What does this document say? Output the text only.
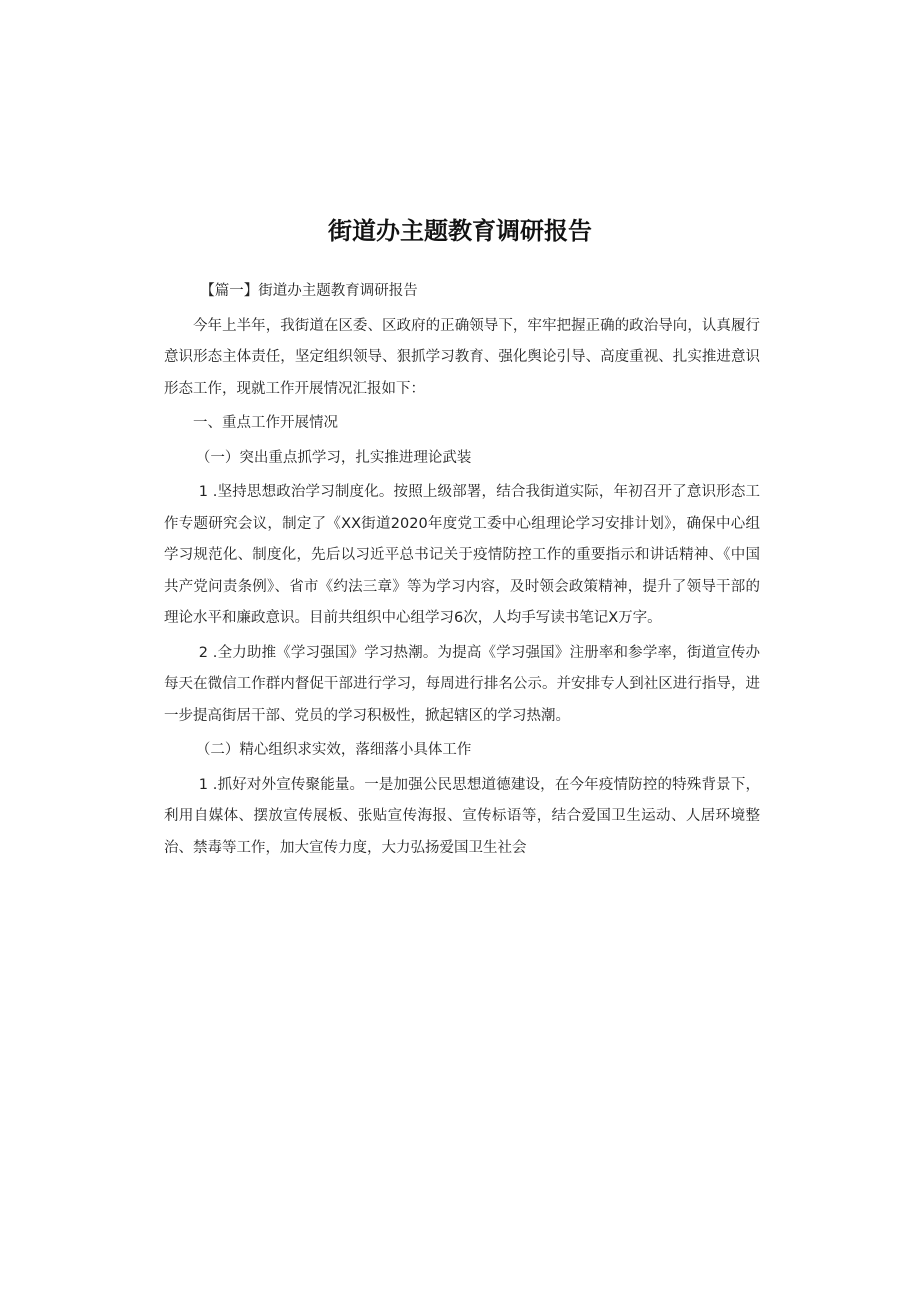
街道办主题教育调研报告

【篇一】街道办主题教育调研报告

今年上半年，我街道在区委、区政府的正确领导下，牢牢把握正确的政治导向，认真履行意识形态主体责任，坚定组织领导、狠抓学习教育、强化舆论引导、高度重视、扎实推进意识形态工作，现就工作开展情况汇报如下：

一、重点工作开展情况

（一）突出重点抓学习，扎实推进理论武装

1 .坚持思想政治学习制度化。按照上级部署，结合我街道实际，年初召开了意识形态工作专题研究会议，制定了《XX街道2020年度党工委中心组理论学习安排计划》，确保中心组学习规范化、制度化，先后以习近平总书记关于疫情防控工作的重要指示和讲话精神、《中国共产党问责条例》、省市《约法三章》等为学习内容，及时领会政策精神，提升了领导干部的理论水平和廉政意识。目前共组织中心组学习6次，人均手写读书笔记X万字。

2 .全力助推《学习强国》学习热潮。为提高《学习强国》注册率和参学率，街道宣传办每天在微信工作群内督促干部进行学习，每周进行排名公示。并安排专人到社区进行指导，进一步提高街居干部、党员的学习积极性，掀起辖区的学习热潮。

（二）精心组织求实效，落细落小具体工作

1 .抓好对外宣传聚能量。一是加强公民思想道德建设，在今年疫情防控的特殊背景下，利用自媒体、摆放宣传展板、张贴宣传海报、宣传标语等，结合爱国卫生运动、人居环境整治、禁毒等工作，加大宣传力度，大力弘扬爱国卫生社会
